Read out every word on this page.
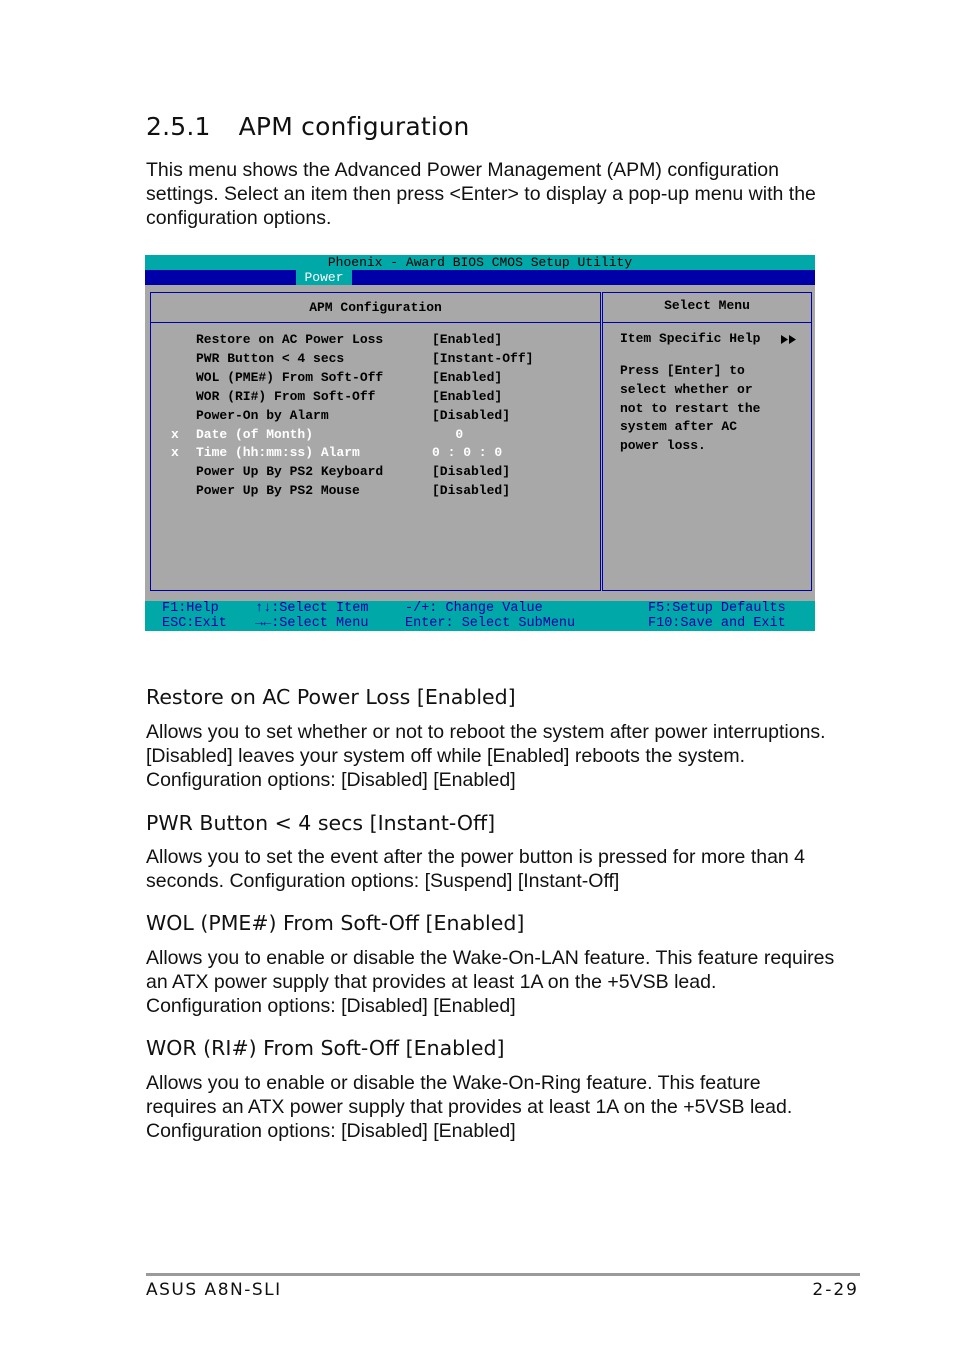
2.5.1 APM configuration

This menu shows the Advanced Power Management (APM) configuration settings. Select an item then press <Enter> to display a pop-up menu with the configuration options.

Phoenix - Award BIOS CMOS Setup Utility
Power
APM Configuration
Restore on AC Power Loss	[Enabled]
PWR Button < 4 secs	[Instant-Off]
WOL (PME#) From Soft-Off	[Enabled]
WOR (RI#) From Soft-Off	[Enabled]
Power-On by Alarm	[Disabled]
x Date (of Month)	0
x Time (hh:mm:ss) Alarm	0 : 0 : 0
Power Up By PS2 Keyboard	[Disabled]
Power Up By PS2 Mouse	[Disabled]
Select Menu
Item Specific Help
Press [Enter] to
select whether or
not to restart the
system after AC
power loss.
F1:Help
ESC:Exit
↑↓:Select Item
→←:Select Menu
-/+: Change Value
Enter: Select SubMenu
F5:Setup Defaults
F10:Save and Exit
Restore on AC Power Loss [Enabled]

Allows you to set whether or not to reboot the system after power interruptions. [Disabled] leaves your system off while [Enabled] reboots the system. Configuration options: [Disabled] [Enabled]

PWR Button < 4 secs [Instant-Off]

Allows you to set the event after the power button is pressed for more than 4 seconds. Configuration options: [Suspend] [Instant-Off]

WOL (PME#) From Soft-Off [Enabled]

Allows you to enable or disable the Wake-On-LAN feature. This feature requires an ATX power supply that provides at least 1A on the +5VSB lead. Configuration options: [Disabled] [Enabled]

WOR (RI#) From Soft-Off [Enabled]

Allows you to enable or disable the Wake-On-Ring feature. This feature requires an ATX power supply that provides at least 1A on the +5VSB lead. Configuration options: [Disabled] [Enabled]

ASUS A8N-SLI	2-29
